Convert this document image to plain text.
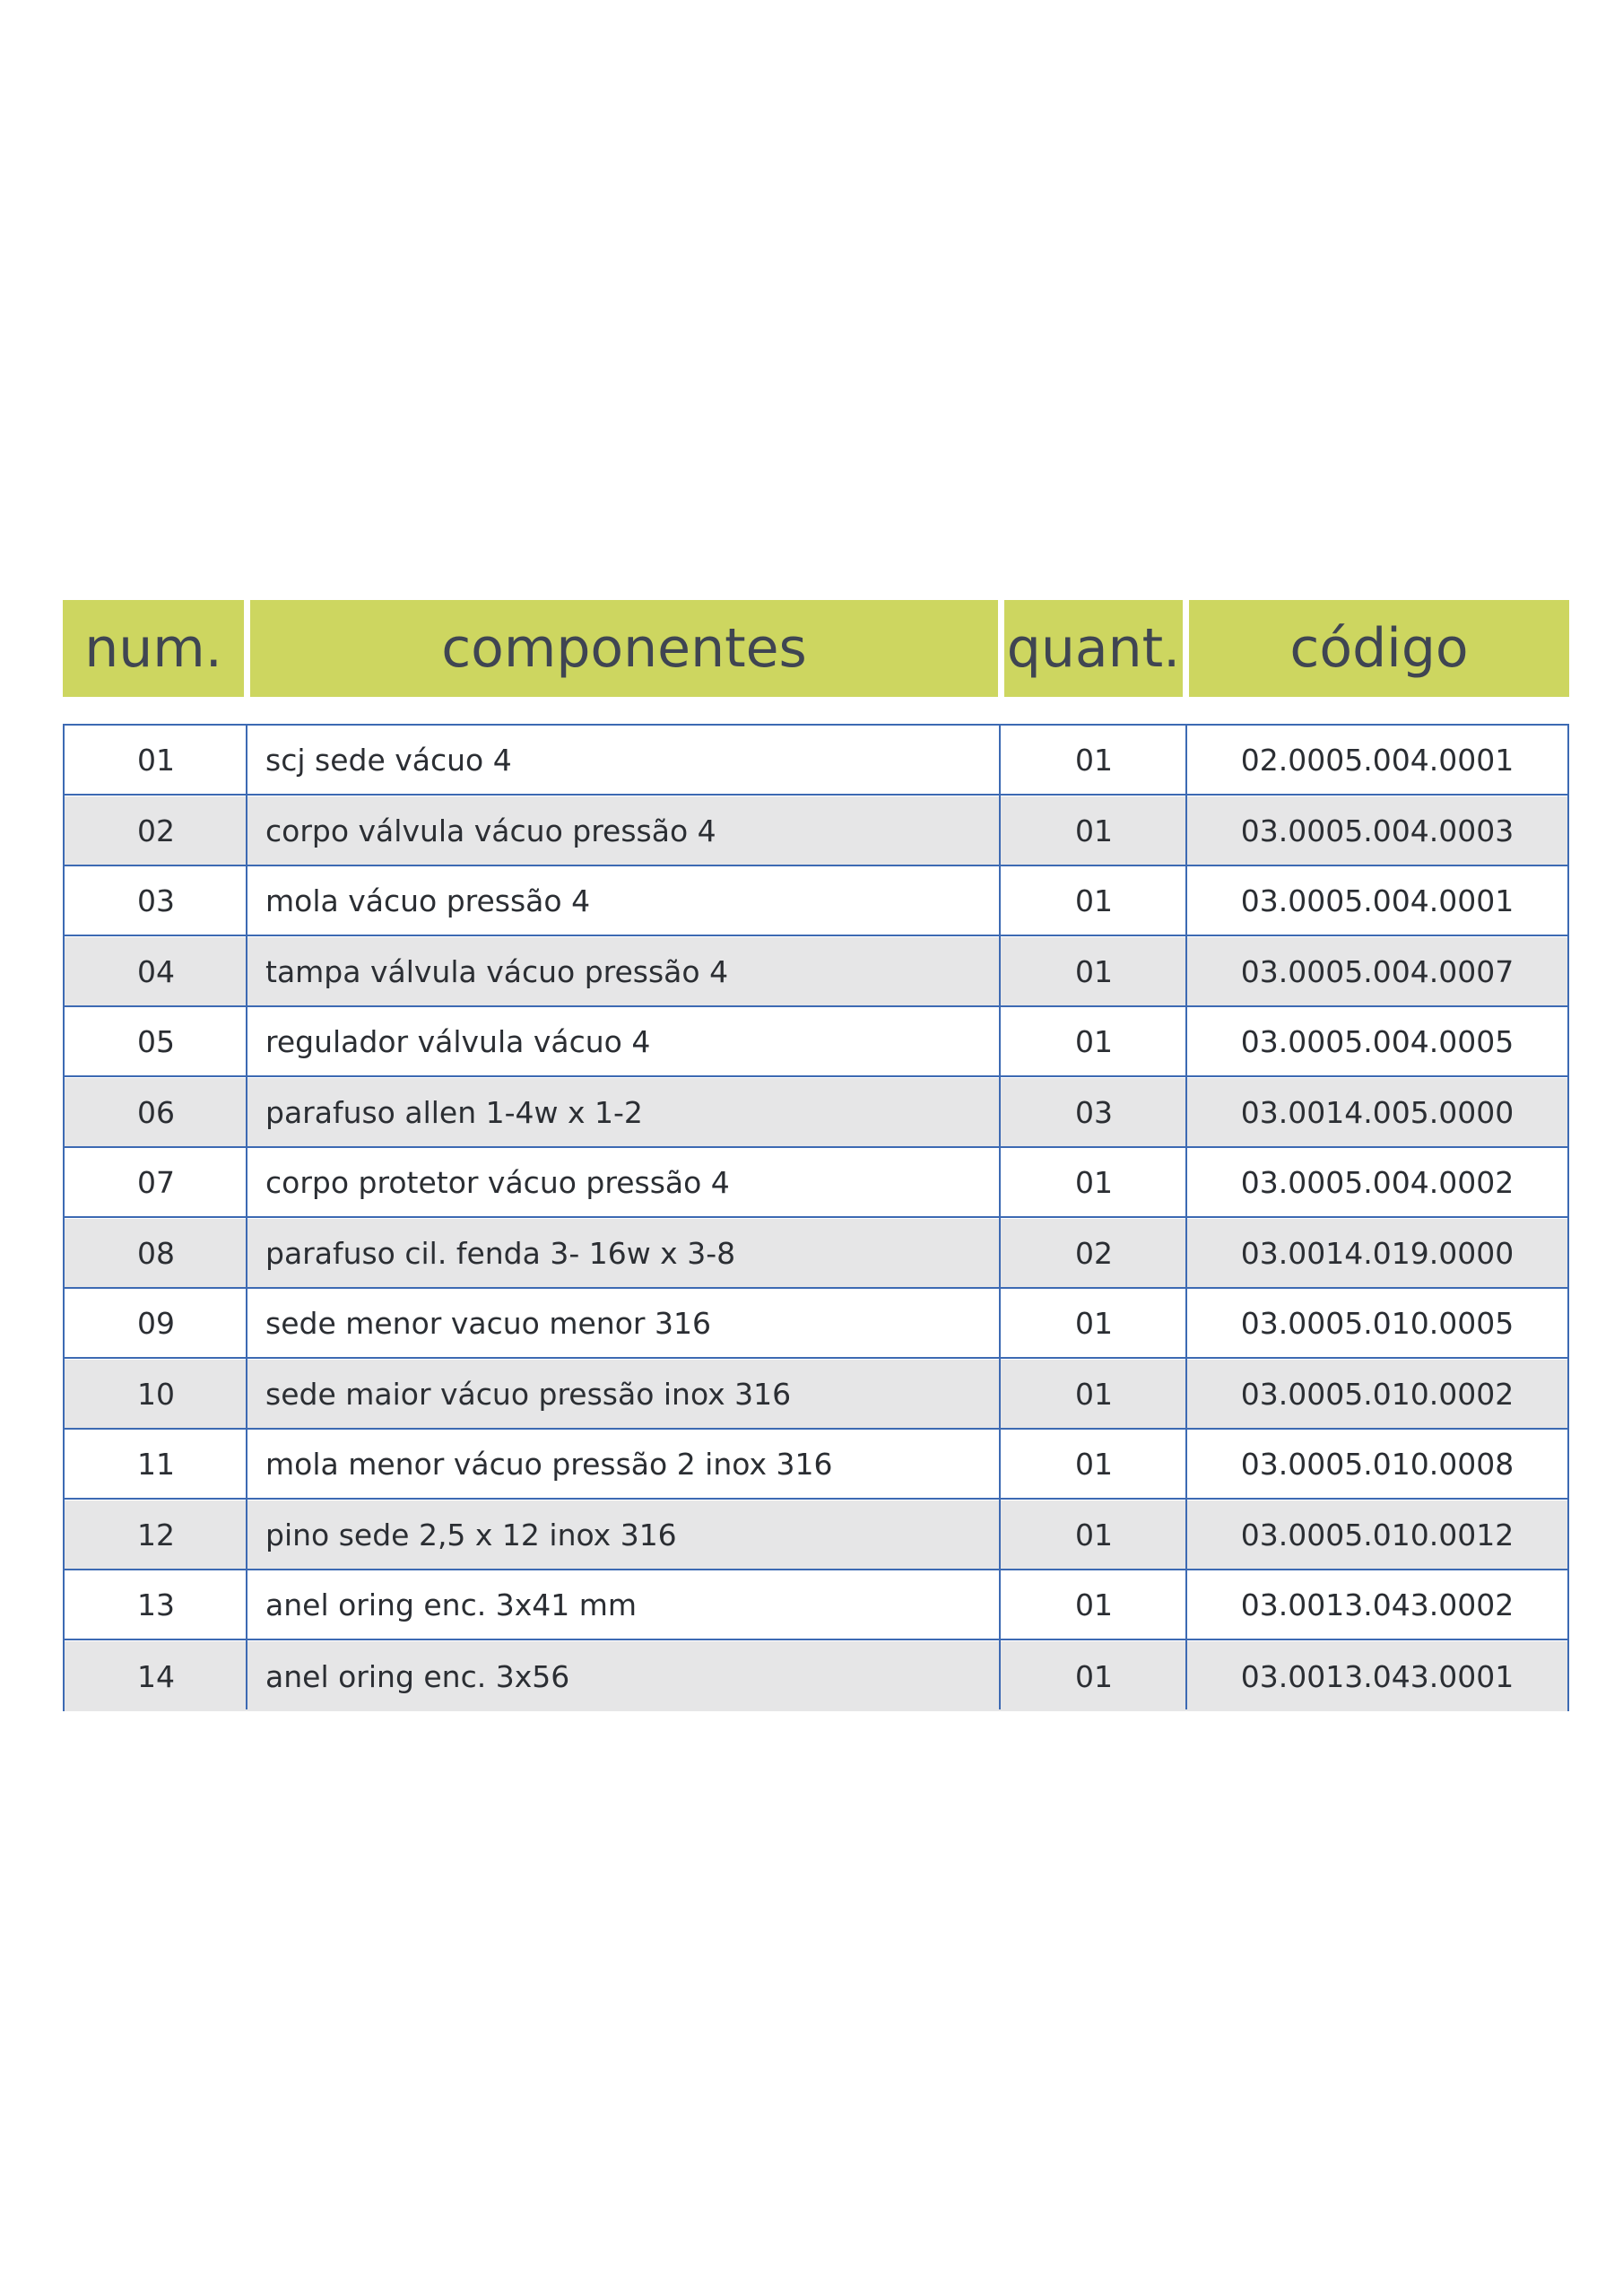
num.	componentes	quant.	código
01	scj sede vácuo 4	01	02.0005.004.0001
02	corpo válvula vácuo pressão 4	01	03.0005.004.0003
03	mola vácuo pressão 4	01	03.0005.004.0001
04	tampa válvula vácuo pressão 4	01	03.0005.004.0007
05	regulador válvula vácuo 4	01	03.0005.004.0005
06	parafuso allen 1-4w x 1-2	03	03.0014.005.0000
07	corpo protetor vácuo pressão 4	01	03.0005.004.0002
08	parafuso cil. fenda 3- 16w x 3-8	02	03.0014.019.0000
09	sede menor vacuo menor 316	01	03.0005.010.0005
10	sede maior vácuo pressão inox 316	01	03.0005.010.0002
11	mola menor vácuo pressão 2 inox 316	01	03.0005.010.0008
12	pino sede 2,5 x 12 inox 316	01	03.0005.010.0012
13	anel oring enc. 3x41 mm	01	03.0013.043.0002
14	anel oring enc. 3x56	01	03.0013.043.0001
